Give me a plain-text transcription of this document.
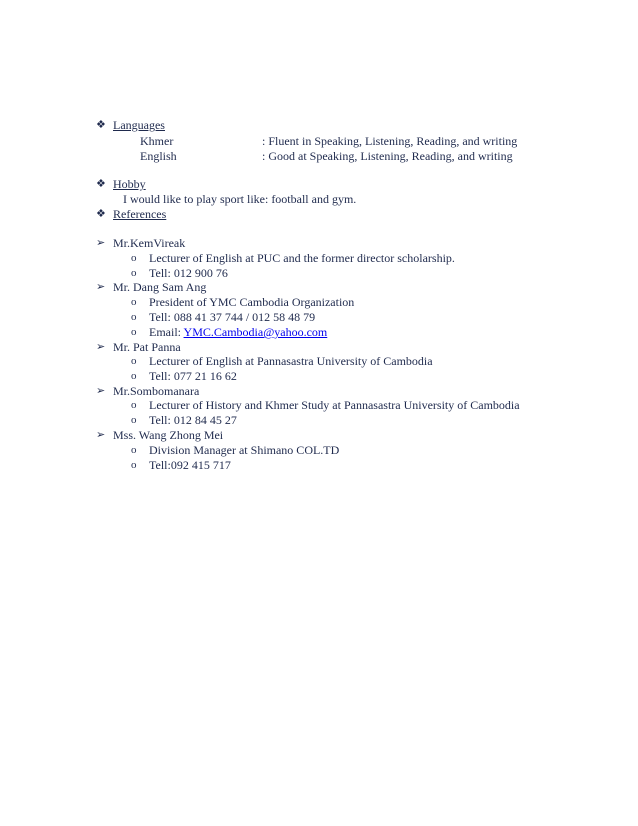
❖ Languages
Khmer	: Fluent in Speaking, Listening, Reading, and writing
English	: Good at Speaking, Listening, Reading, and writing
❖ Hobby
I would like to play sport like: football and gym.
❖ References
➢ Mr.KemVireak
o Lecturer of English at PUC and the former director scholarship.
o Tell: 012 900 76
➢ Mr. Dang Sam Ang
o President of YMC Cambodia Organization
o Tell: 088 41 37 744 / 012 58 48 79
o Email: YMC.Cambodia@yahoo.com
➢ Mr. Pat Panna
o Lecturer of English at Pannasastra University of Cambodia
o Tell: 077 21 16 62
➢ Mr.Sombomanara
o Lecturer of History and Khmer Study at Pannasastra University of Cambodia
o Tell: 012 84 45 27
➢ Mss. Wang Zhong Mei
o Division Manager at Shimano COL.TD
o Tell:092 415 717
